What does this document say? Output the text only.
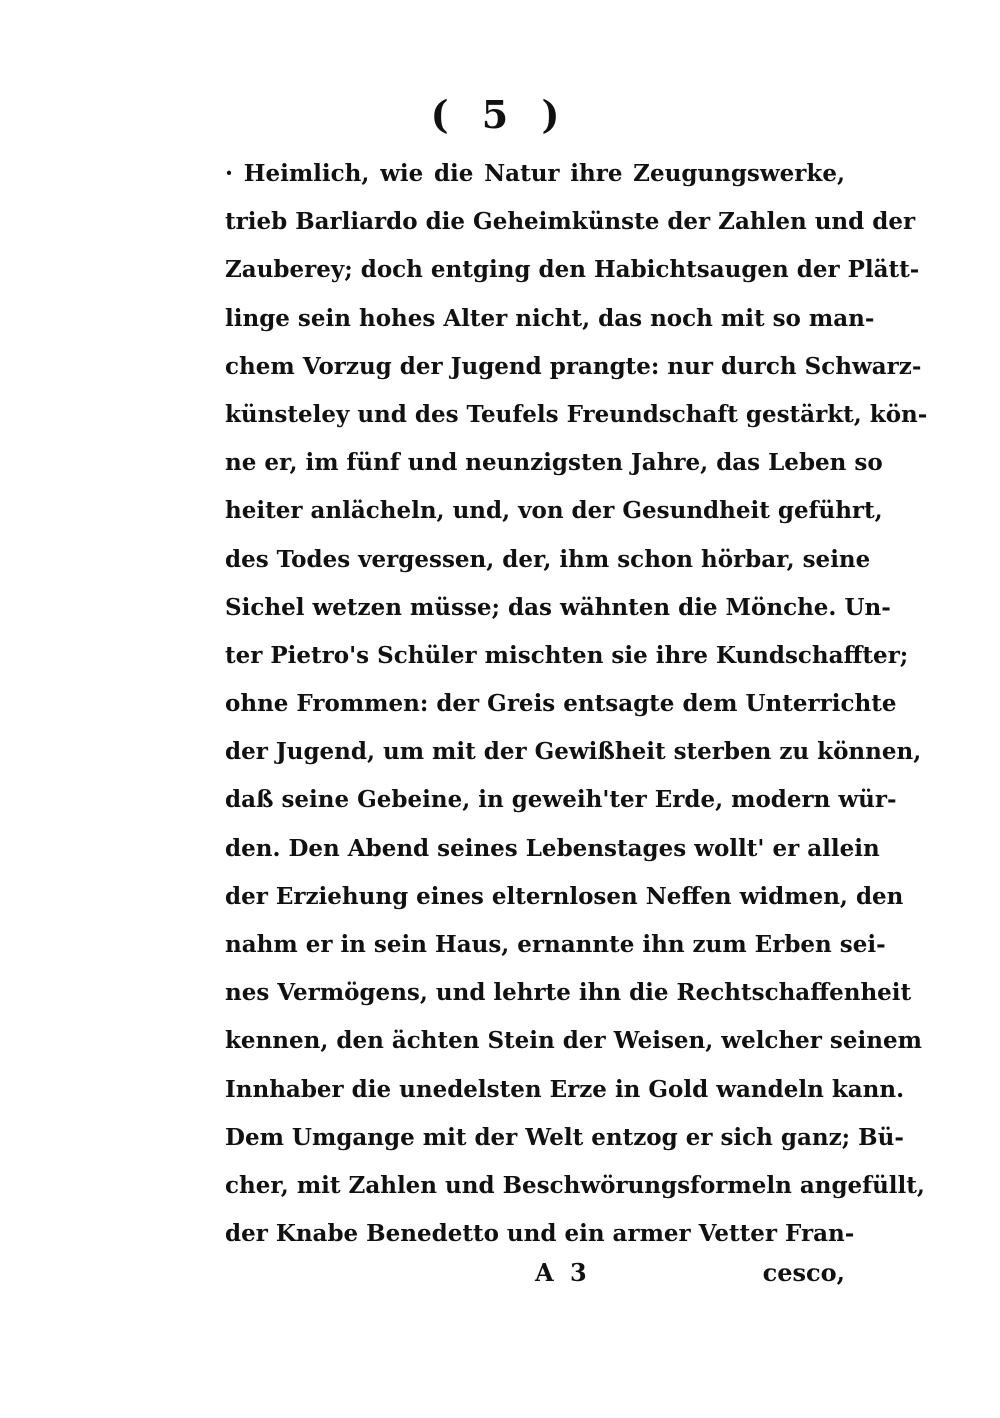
( 5 )
· Heimlich, wie die Natur ihre Zeugungswerke,
trieb Barliardo die Geheimkünste der Zahlen und der
Zauberey; doch entging den Habichtsaugen der Plätt-
linge sein hohes Alter nicht, das noch mit so man-
chem Vorzug der Jugend prangte: nur durch Schwarz-
künsteley und des Teufels Freundschaft gestärkt, kön-
ne er, im fünf und neunzigsten Jahre, das Leben so
heiter anlächeln, und, von der Gesundheit geführt,
des Todes vergessen, der, ihm schon hörbar, seine
Sichel wetzen müsse; das wähnten die Mönche. Un-
ter Pietro's Schüler mischten sie ihre Kundschaffter;
ohne Frommen: der Greis entsagte dem Unterrichte
der Jugend, um mit der Gewißheit sterben zu können,
daß seine Gebeine, in geweih'ter Erde, modern wür-
den. Den Abend seines Lebenstages wollt' er allein
der Erziehung eines elternlosen Neffen widmen, den
nahm er in sein Haus, ernannte ihn zum Erben sei-
nes Vermögens, und lehrte ihn die Rechtschaffenheit
kennen, den ächten Stein der Weisen, welcher seinem
Innhaber die unedelsten Erze in Gold wandeln kann.
Dem Umgange mit der Welt entzog er sich ganz; Bü-
cher, mit Zahlen und Beschwörungsformeln angefüllt,
der Knabe Benedetto und ein armer Vetter Fran-
A 3	cesco,
